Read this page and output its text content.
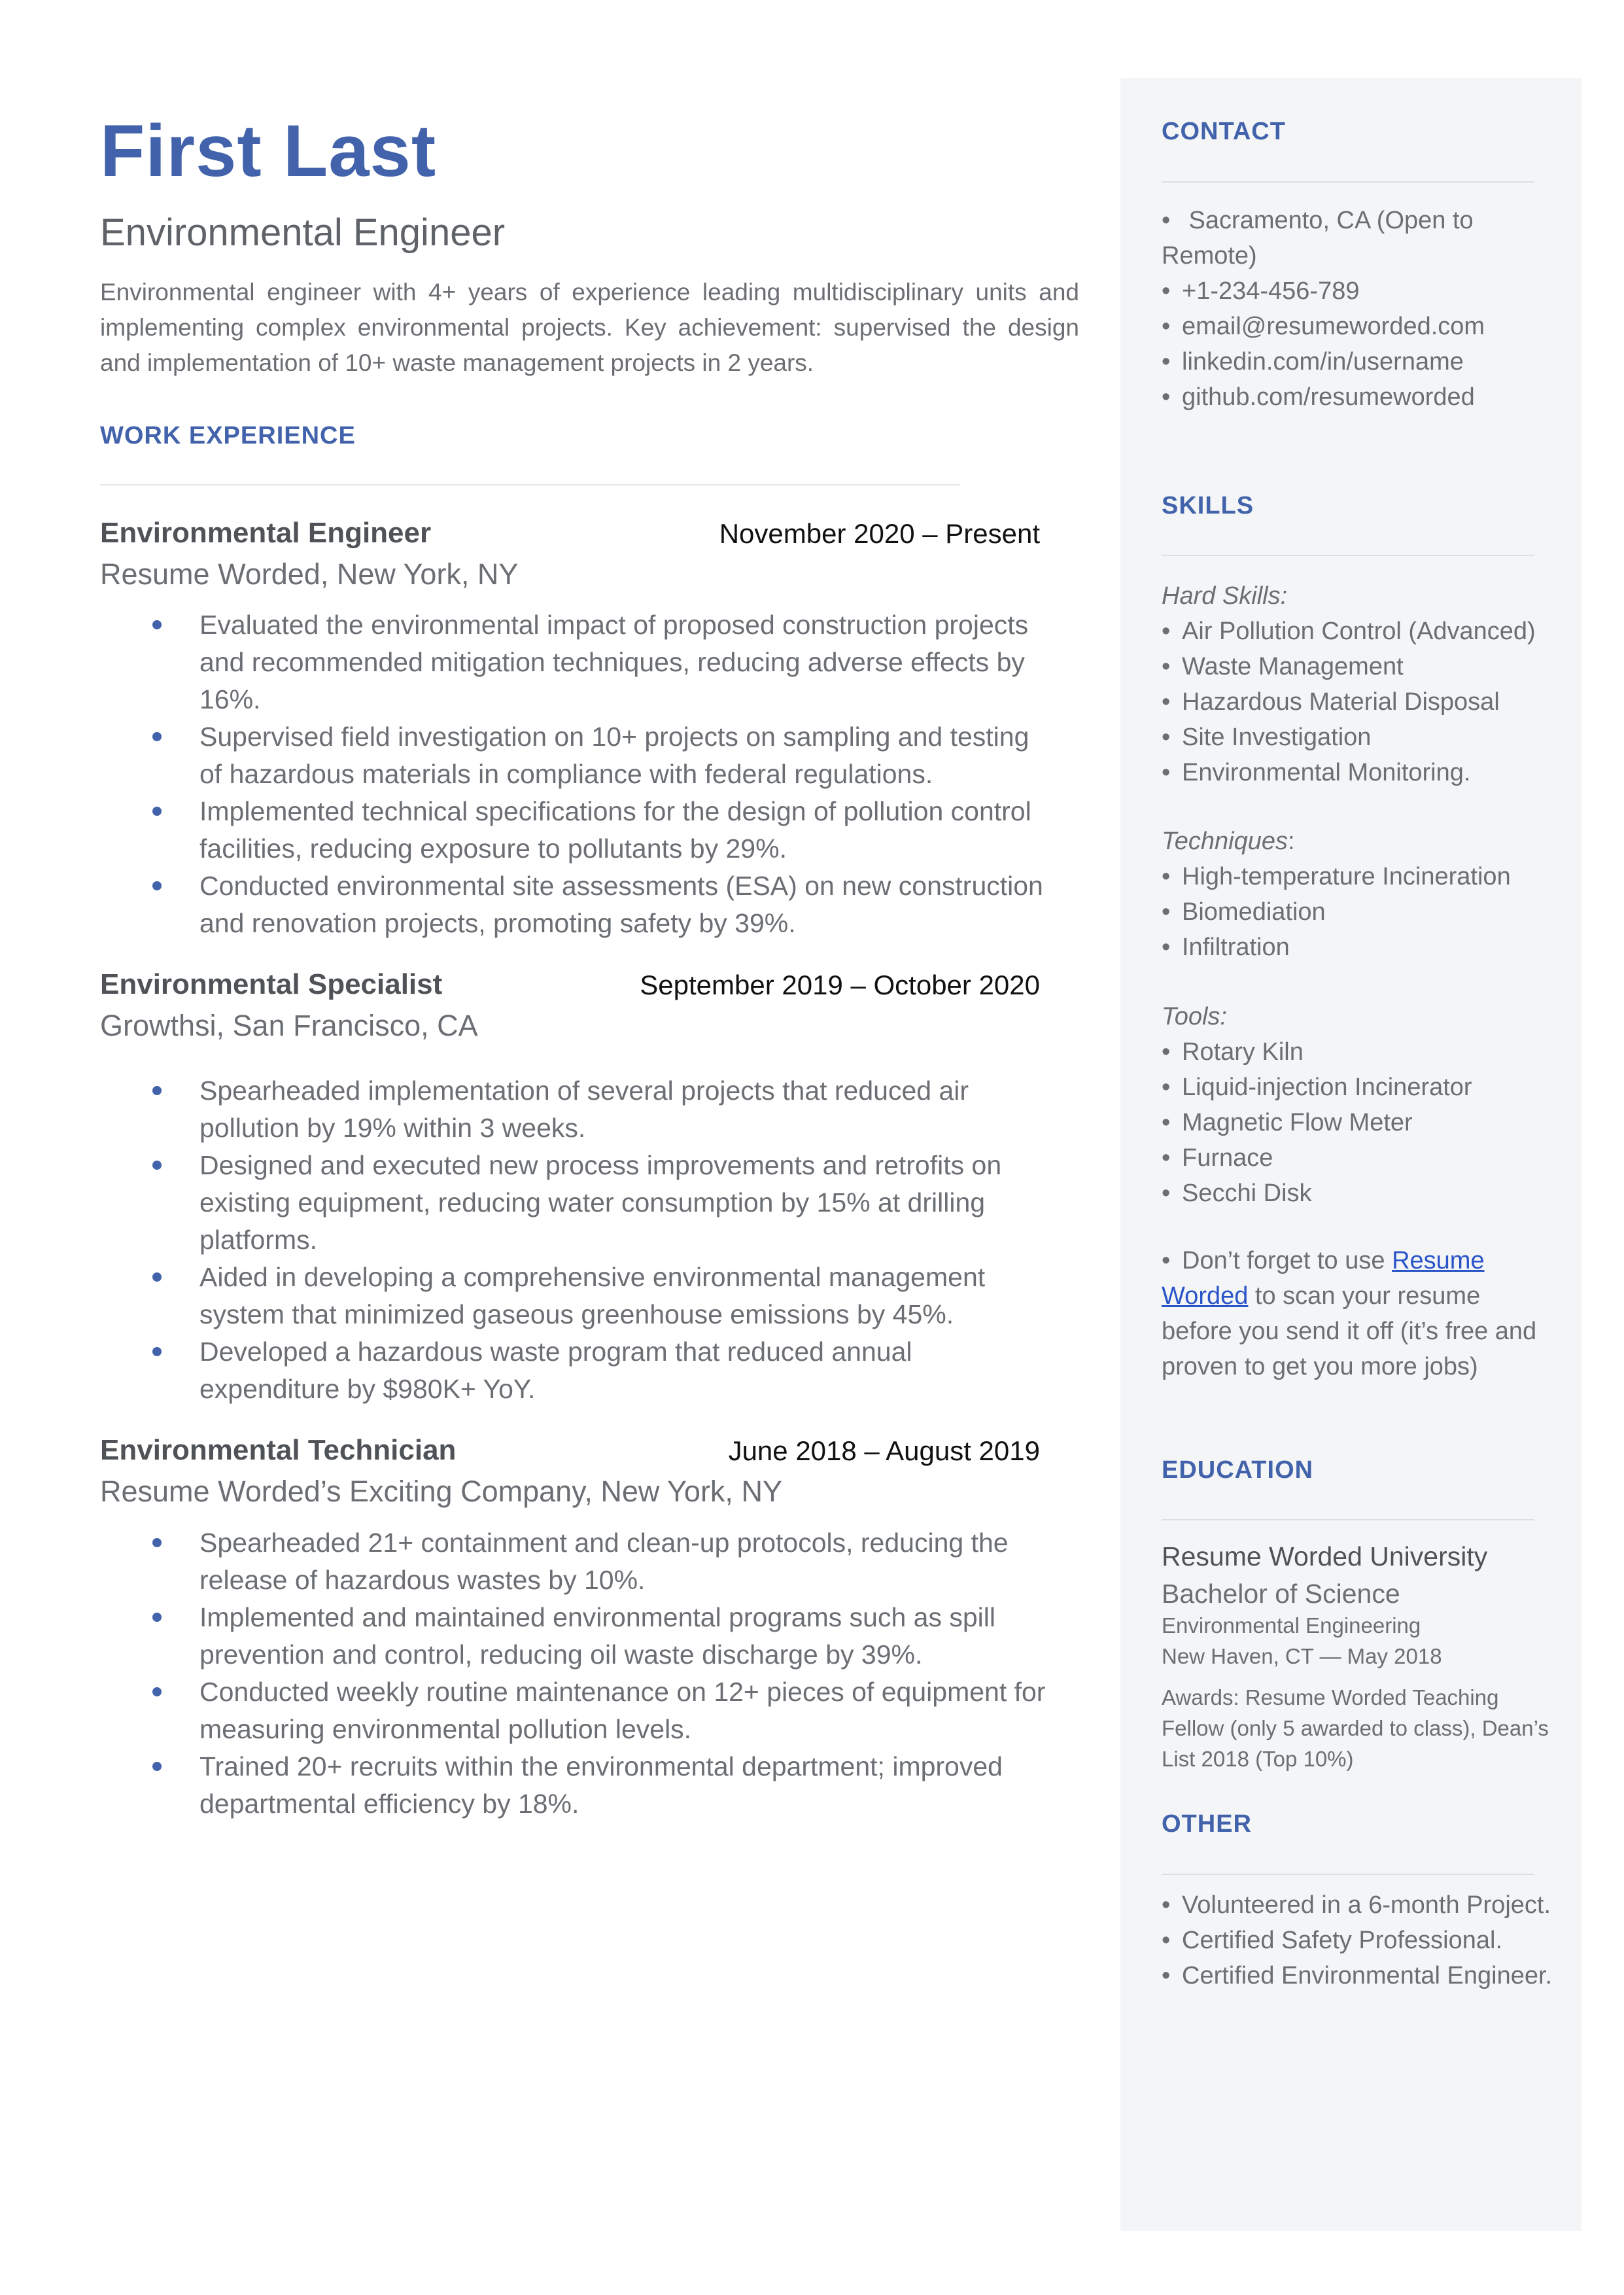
First Last
Environmental Engineer

Environmental engineer with 4+ years of experience leading multidisciplinary units and implementing complex environmental projects. Key achievement: supervised the design and implementation of 10+ waste management projects in 2 years.

WORK EXPERIENCE

Environmental Engineer	November 2020 – Present

Resume Worded, New York, NY

Evaluated the environmental impact of proposed construction projects and recommended mitigation techniques, reducing adverse effects by 16%.
Supervised field investigation on 10+ projects on sampling and testing of hazardous materials in compliance with federal regulations.
Implemented technical specifications for the design of pollution control facilities, reducing exposure to pollutants by 29%.
Conducted environmental site assessments (ESA) on new construction and renovation projects, promoting safety by 39%.

Environmental Specialist	September 2019 – October 2020

Growthsi, San Francisco, CA

Spearheaded implementation of several projects that reduced air pollution by 19% within 3 weeks.
Designed and executed new process improvements and retrofits on existing equipment, reducing water consumption by 15% at drilling platforms.
Aided in developing a comprehensive environmental management system that minimized gaseous greenhouse emissions by 45%.
Developed a hazardous waste program that reduced annual expenditure by $980K+ YoY.

Environmental Technician	June 2018 – August 2019

Resume Worded’s Exciting Company, New York, NY

Spearheaded 21+ containment and clean-up protocols, reducing the release of hazardous wastes by 10%.
Implemented and maintained environmental programs such as spill prevention and control, reducing oil waste discharge by 39%.
Conducted weekly routine maintenance on 12+ pieces of equipment for measuring environmental pollution levels.
Trained 20+ recruits within the environmental department; improved departmental efficiency by 18%.
CONTACT
• Sacramento, CA (Open to Remote)
• +1-234-456-789
• email@resumeworded.com
• linkedin.com/in/username
• github.com/resumeworded
SKILLS
Hard Skills:
• Air Pollution Control (Advanced)
• Waste Management
• Hazardous Material Disposal
• Site Investigation
• Environmental Monitoring.
Techniques:
• High-temperature Incineration
• Biomediation
• Infiltration
Tools:
• Rotary Kiln
• Liquid-injection Incinerator
• Magnetic Flow Meter
• Furnace
• Secchi Disk

• Don’t forget to use Resume Worded to scan your resume before you send it off (it’s free and proven to get you more jobs)

EDUCATION

Resume Worded University

Bachelor of Science

Environmental Engineering

New Haven, CT — May 2018

Awards: Resume Worded Teaching Fellow (only 5 awarded to class), Dean’s List 2018 (Top 10%)

OTHER
• Volunteered in a 6-month Project.
• Certified Safety Professional.
• Certified Environmental Engineer.
